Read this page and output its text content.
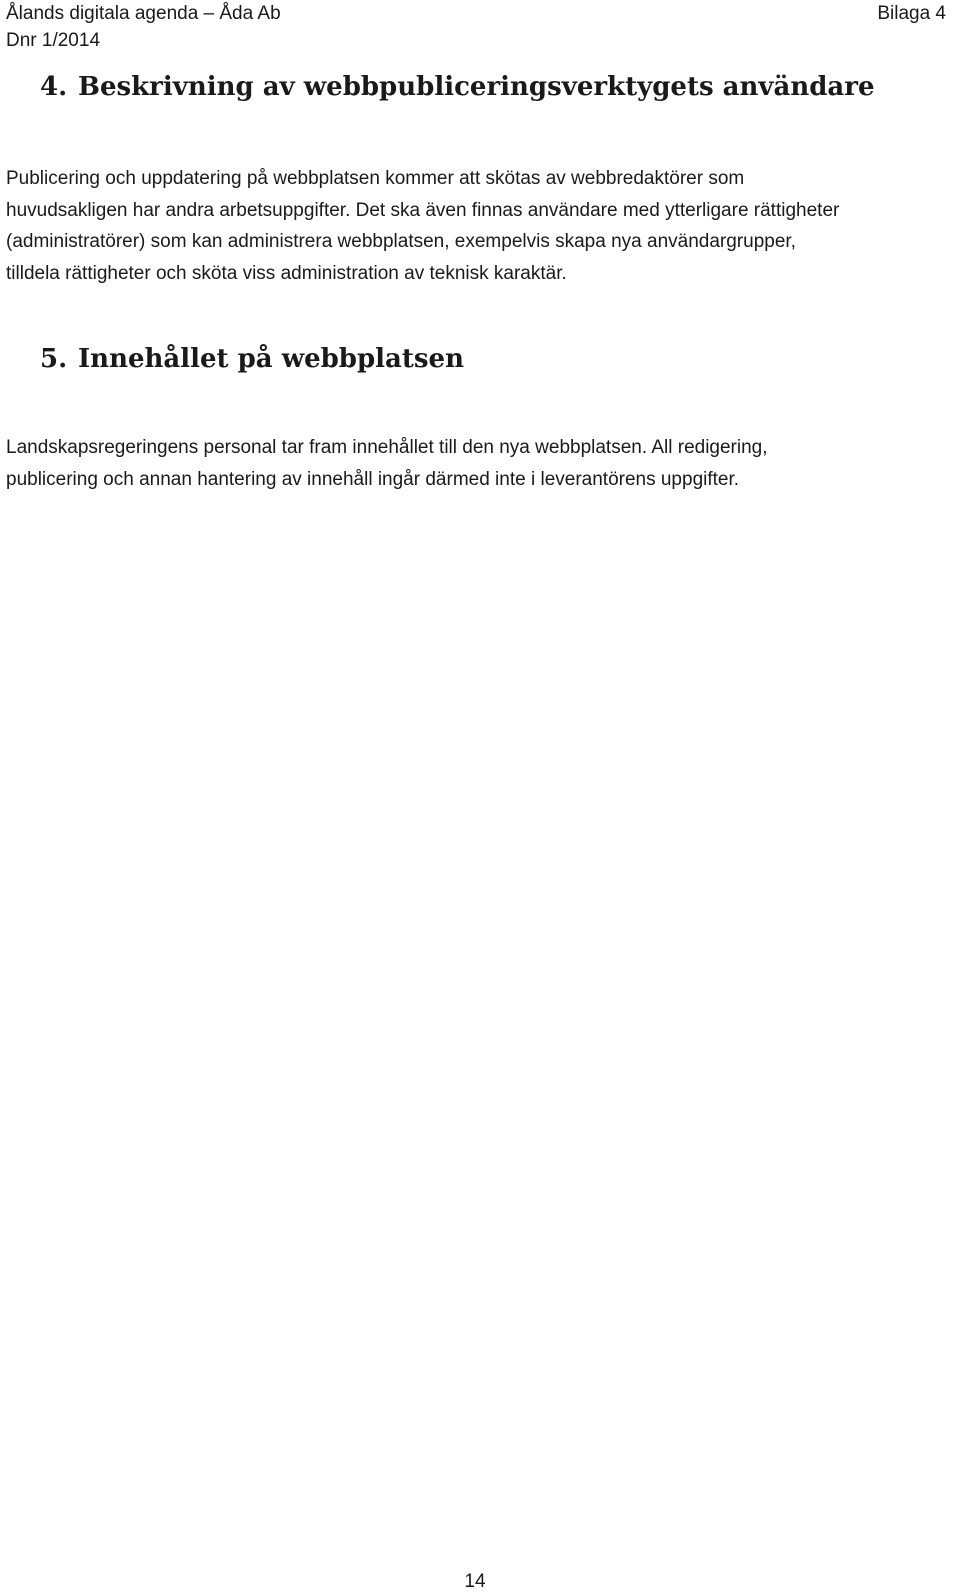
Ålands digitala agenda – Åda Ab
Dnr 1/2014
Bilaga 4
4. Beskrivning av webbpubliceringsverktygets användare
Publicering och uppdatering på webbplatsen kommer att skötas av webbredaktörer som
huvudsakligen har andra arbetsuppgifter. Det ska även finnas användare med ytterligare rättigheter
(administratörer) som kan administrera webbplatsen, exempelvis skapa nya användargrupper,
tilldela rättigheter och sköta viss administration av teknisk karaktär.
5. Innehållet på webbplatsen
Landskapsregeringens personal tar fram innehållet till den nya webbplatsen. All redigering,
publicering och annan hantering av innehåll ingår därmed inte i leverantörens uppgifter.
14
